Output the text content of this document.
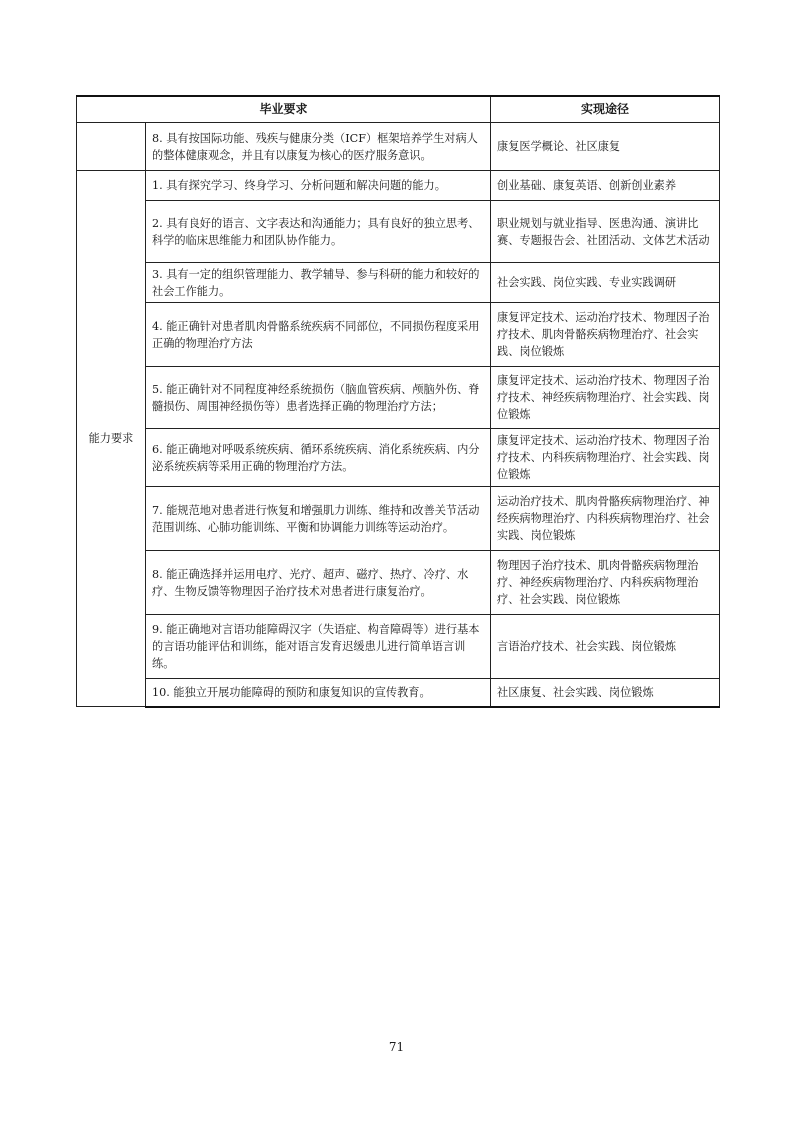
毕业要求		实现途径
	8. 具有按国际功能、残疾与健康分类（ICF）框架培养学生对病人的整体健康观念，并且有以康复为核心的医疗服务意识。	康复医学概论、社区康复
能力要求	1. 具有探究学习、终身学习、分析问题和解决问题的能力。	创业基础、康复英语、创新创业素养
	2. 具有良好的语言、文字表达和沟通能力；具有良好的独立思考、科学的临床思维能力和团队协作能力。	职业规划与就业指导、医患沟通、演讲比赛、专题报告会、社团活动、文体艺术活动
	3. 具有一定的组织管理能力、教学辅导、参与科研的能力和较好的社会工作能力。	社会实践、岗位实践、专业实践调研
	4. 能正确针对患者肌肉骨骼系统疾病不同部位，不同损伤程度采用正确的物理治疗方法	康复评定技术、运动治疗技术、物理因子治疗技术、肌肉骨骼疾病物理治疗、社会实践、岗位锻炼
	5. 能正确针对不同程度神经系统损伤（脑血管疾病、颅脑外伤、脊髓损伤、周围神经损伤等）患者选择正确的物理治疗方法；	康复评定技术、运动治疗技术、物理因子治疗技术、神经疾病物理治疗、社会实践、岗位锻炼
	6. 能正确地对呼吸系统疾病、循环系统疾病、消化系统疾病、内分泌系统疾病等采用正确的物理治疗方法。	康复评定技术、运动治疗技术、物理因子治疗技术、内科疾病物理治疗、社会实践、岗位锻炼
	7. 能规范地对患者进行恢复和增强肌力训练、维持和改善关节活动范围训练、心肺功能训练、平衡和协调能力训练等运动治疗。	运动治疗技术、肌肉骨骼疾病物理治疗、神经疾病物理治疗、内科疾病物理治疗、社会实践、岗位锻炼
	8. 能正确选择并运用电疗、光疗、超声、磁疗、热疗、冷疗、水疗、生物反馈等物理因子治疗技术对患者进行康复治疗。	物理因子治疗技术、肌肉骨骼疾病物理治疗、神经疾病物理治疗、内科疾病物理治疗、社会实践、岗位锻炼
	9. 能正确地对言语功能障碍汉字（失语症、构音障碍等）进行基本的言语功能评估和训练，能对语言发育迟缓患儿进行简单语言训练。	言语治疗技术、社会实践、岗位锻炼
	10. 能独立开展功能障碍的预防和康复知识的宣传教育。	社区康复、社会实践、岗位锻炼
71
